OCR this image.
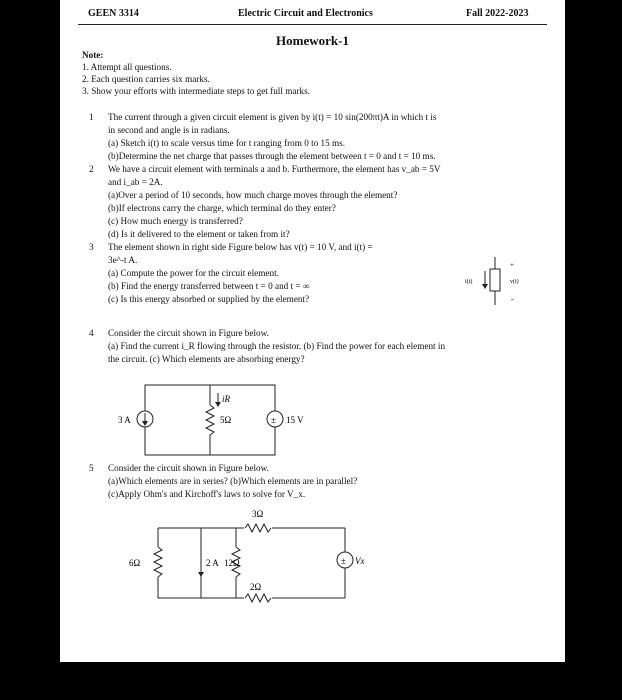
GEEN 3314	Electric Circuit and Electronics	Fall 2022-2023
Homework-1
Note:
1. Attempt all questions.
2. Each question carries six marks.
3. Show your efforts with intermediate steps to get full marks.
1 The current through a given circuit element is given by i(t) = 10 sin(200πt)A in which t is
in second and angle is in radians.
(a) Sketch i(t) to scale versus time for t ranging from 0 to 15 ms.
(b)Determine the net charge that passes through the element between t = 0 and t = 10 ms.
2 We have a circuit element with terminals a and b. Furthermore, the element has v_ab = 5V
and i_ab = 2A.
(a)Over a period of 10 seconds, how much charge moves through the element?
(b)If electrons carry the charge, which terminal do they enter?
(c) How much energy is transferred?
(d) Is it delivered to the element or taken from it?
3 The element shown in right side Figure below has v(t) = 10 V, and i(t) =
3e^-t A.
(a) Compute the power for the circuit element.
(b) Find the energy transferred between t = 0 and t = ∞
(c) Is this energy absorbed or supplied by the element?
i(t)	v(t)
+
-
4 Consider the circuit shown in Figure below.
(a) Find the current i_R flowing through the resistor. (b) Find the power for each element in
the circuit. (c) Which elements are absorbing energy?
3 A
iR
5Ω	± 15 V
5 Consider the circuit shown in Figure below.
(a)Which elements are in series? (b)Which elements are in parallel?
(c)Apply Ohm's and Kirchoff's laws to solve for V_x.
3Ω
6Ω	2 A 12Ω
2Ω
± Vx
